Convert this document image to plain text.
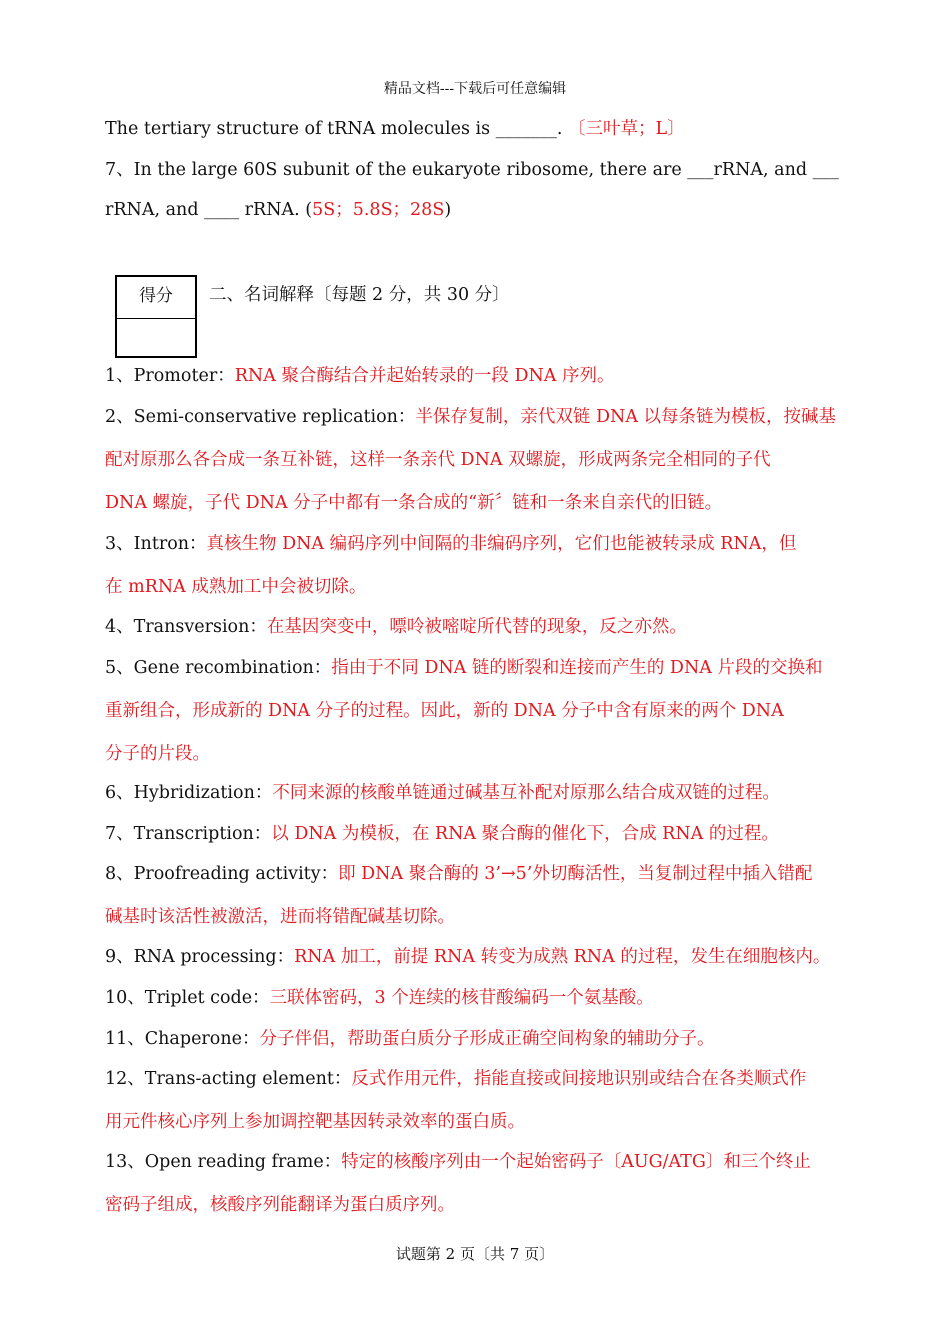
精品文档---下载后可任意编辑
The tertiary structure of tRNA molecules is _______. 〔三叶草；L〕
7、In the large 60S subunit of the eukaryote ribosome, there are ___rRNA, and ___
rRNA, and ____ rRNA. (5S；5.8S；28S)
得分	二、名词解释〔每题 2 分，共 30 分〕
1、Promoter：RNA 聚合酶结合并起始转录的一段 DNA 序列。
2、Semi-conservative replication：半保存复制，亲代双链 DNA 以每条链为模板，按碱基
配对原那么各合成一条互补链，这样一条亲代 DNA 双螺旋，形成两条完全相同的子代
DNA 螺旋，子代 DNA 分子中都有一条合成的“新〞链和一条来自亲代的旧链。
3、Intron：真核生物 DNA 编码序列中间隔的非编码序列，它们也能被转录成 RNA，但
在 mRNA 成熟加工中会被切除。
4、Transversion：在基因突变中，嘌呤被嘧啶所代替的现象，反之亦然。
5、Gene recombination：指由于不同 DNA 链的断裂和连接而产生的 DNA 片段的交换和
重新组合，形成新的 DNA 分子的过程。因此，新的 DNA 分子中含有原来的两个 DNA
分子的片段。
6、Hybridization：不同来源的核酸单链通过碱基互补配对原那么结合成双链的过程。
7、Transcription：以 DNA 为模板，在 RNA 聚合酶的催化下，合成 RNA 的过程。
8、Proofreading activity：即 DNA 聚合酶的 3’→5’外切酶活性，当复制过程中插入错配
碱基时该活性被激活，进而将错配碱基切除。
9、RNA processing：RNA 加工，前提 RNA 转变为成熟 RNA 的过程，发生在细胞核内。
10、Triplet code：三联体密码，3 个连续的核苷酸编码一个氨基酸。
11、Chaperone：分子伴侣，帮助蛋白质分子形成正确空间构象的辅助分子。
12、Trans-acting element：反式作用元件，指能直接或间接地识别或结合在各类顺式作
用元件核心序列上参加调控靶基因转录效率的蛋白质。
13、Open reading frame：特定的核酸序列由一个起始密码子〔AUG/ATG〕和三个终止
密码子组成，核酸序列能翻译为蛋白质序列。
试题第 2 页〔共 7 页〕
